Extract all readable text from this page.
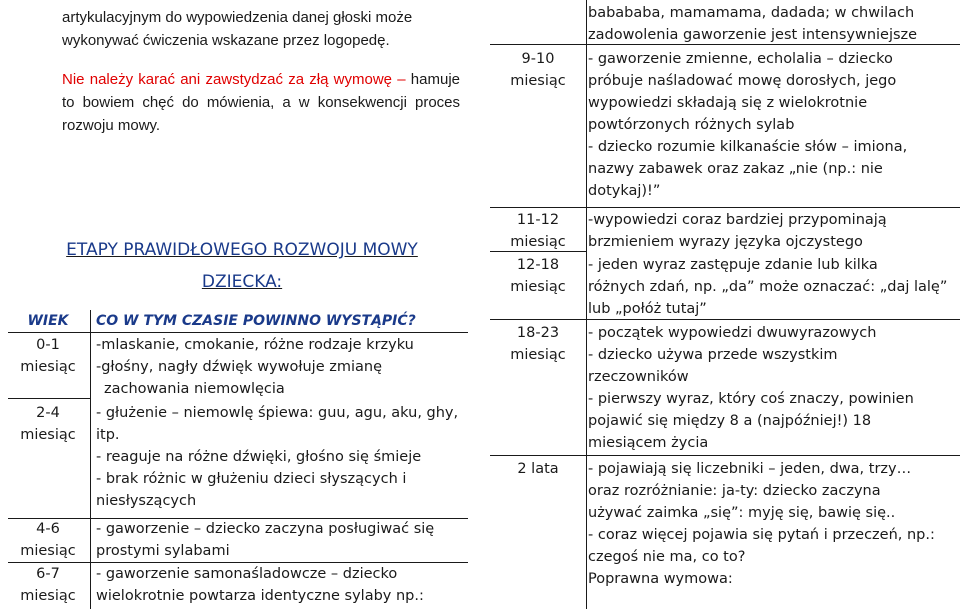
artykulacyjnym do wypowiedzenia danej głoski może wykonywać ćwiczenia wskazane przez logopedę.
Nie należy karać ani zawstydzać za złą wymowę – hamuje to bowiem chęć do mówienia, a w konsekwencji proces rozwoju mowy.
ETAPY PRAWIDŁOWEGO ROZWOJU MOWY
DZIECKA:
WIEK	CO W TYM CZASIE POWINNO WYSTĄPIĆ?
0-1
miesiąc
-mlaskanie, cmokanie, różne rodzaje krzyku
-głośny, nagły dźwięk wywołuje zmianę
zachowania niemowlęcia
2-4
miesiąc
- głużenie – niemowlę śpiewa: guu, agu, aku, ghy,
itp.
- reaguje na różne dźwięki, głośno się śmieje
- brak różnic w głużeniu dzieci słyszących i
niesłyszących
4-6
miesiąc
- gaworzenie – dziecko zaczyna posługiwać się
prostymi sylabami
6-7
miesiąc
- gaworzenie samonaśladowcze – dziecko
wielokrotnie powtarza identyczne sylaby np.:
babababa, mamamama, dadada; w chwilach
zadowolenia gaworzenie jest intensywniejsze
9-10
miesiąc
- gaworzenie zmienne, echolalia – dziecko
próbuje naśladować mowę dorosłych, jego
wypowiedzi składają się z wielokrotnie
powtórzonych różnych sylab
- dziecko rozumie kilkanaście słów – imiona,
nazwy zabawek oraz zakaz „nie (np.: nie
dotykaj)!”
11-12
miesiąc
-wypowiedzi coraz bardziej przypominają
brzmieniem wyrazy języka ojczystego
12-18
miesiąc
- jeden wyraz zastępuje zdanie lub kilka
różnych zdań, np. „da” może oznaczać: „daj lalę”
lub „połóż tutaj”
18-23
miesiąc
- początek wypowiedzi dwuwyrazowych
- dziecko używa przede wszystkim
rzeczowników
- pierwszy wyraz, który coś znaczy, powinien
pojawić się między 8 a (najpóźniej!) 18
miesiącem życia
2 lata	- pojawiają się liczebniki – jeden, dwa, trzy…
oraz rozróżnianie: ja-ty: dziecko zaczyna
używać zaimka „się”: myję się, bawię się..
- coraz więcej pojawia się pytań i przeczeń, np.:
czegoś nie ma, co to?
Poprawna wymowa:
